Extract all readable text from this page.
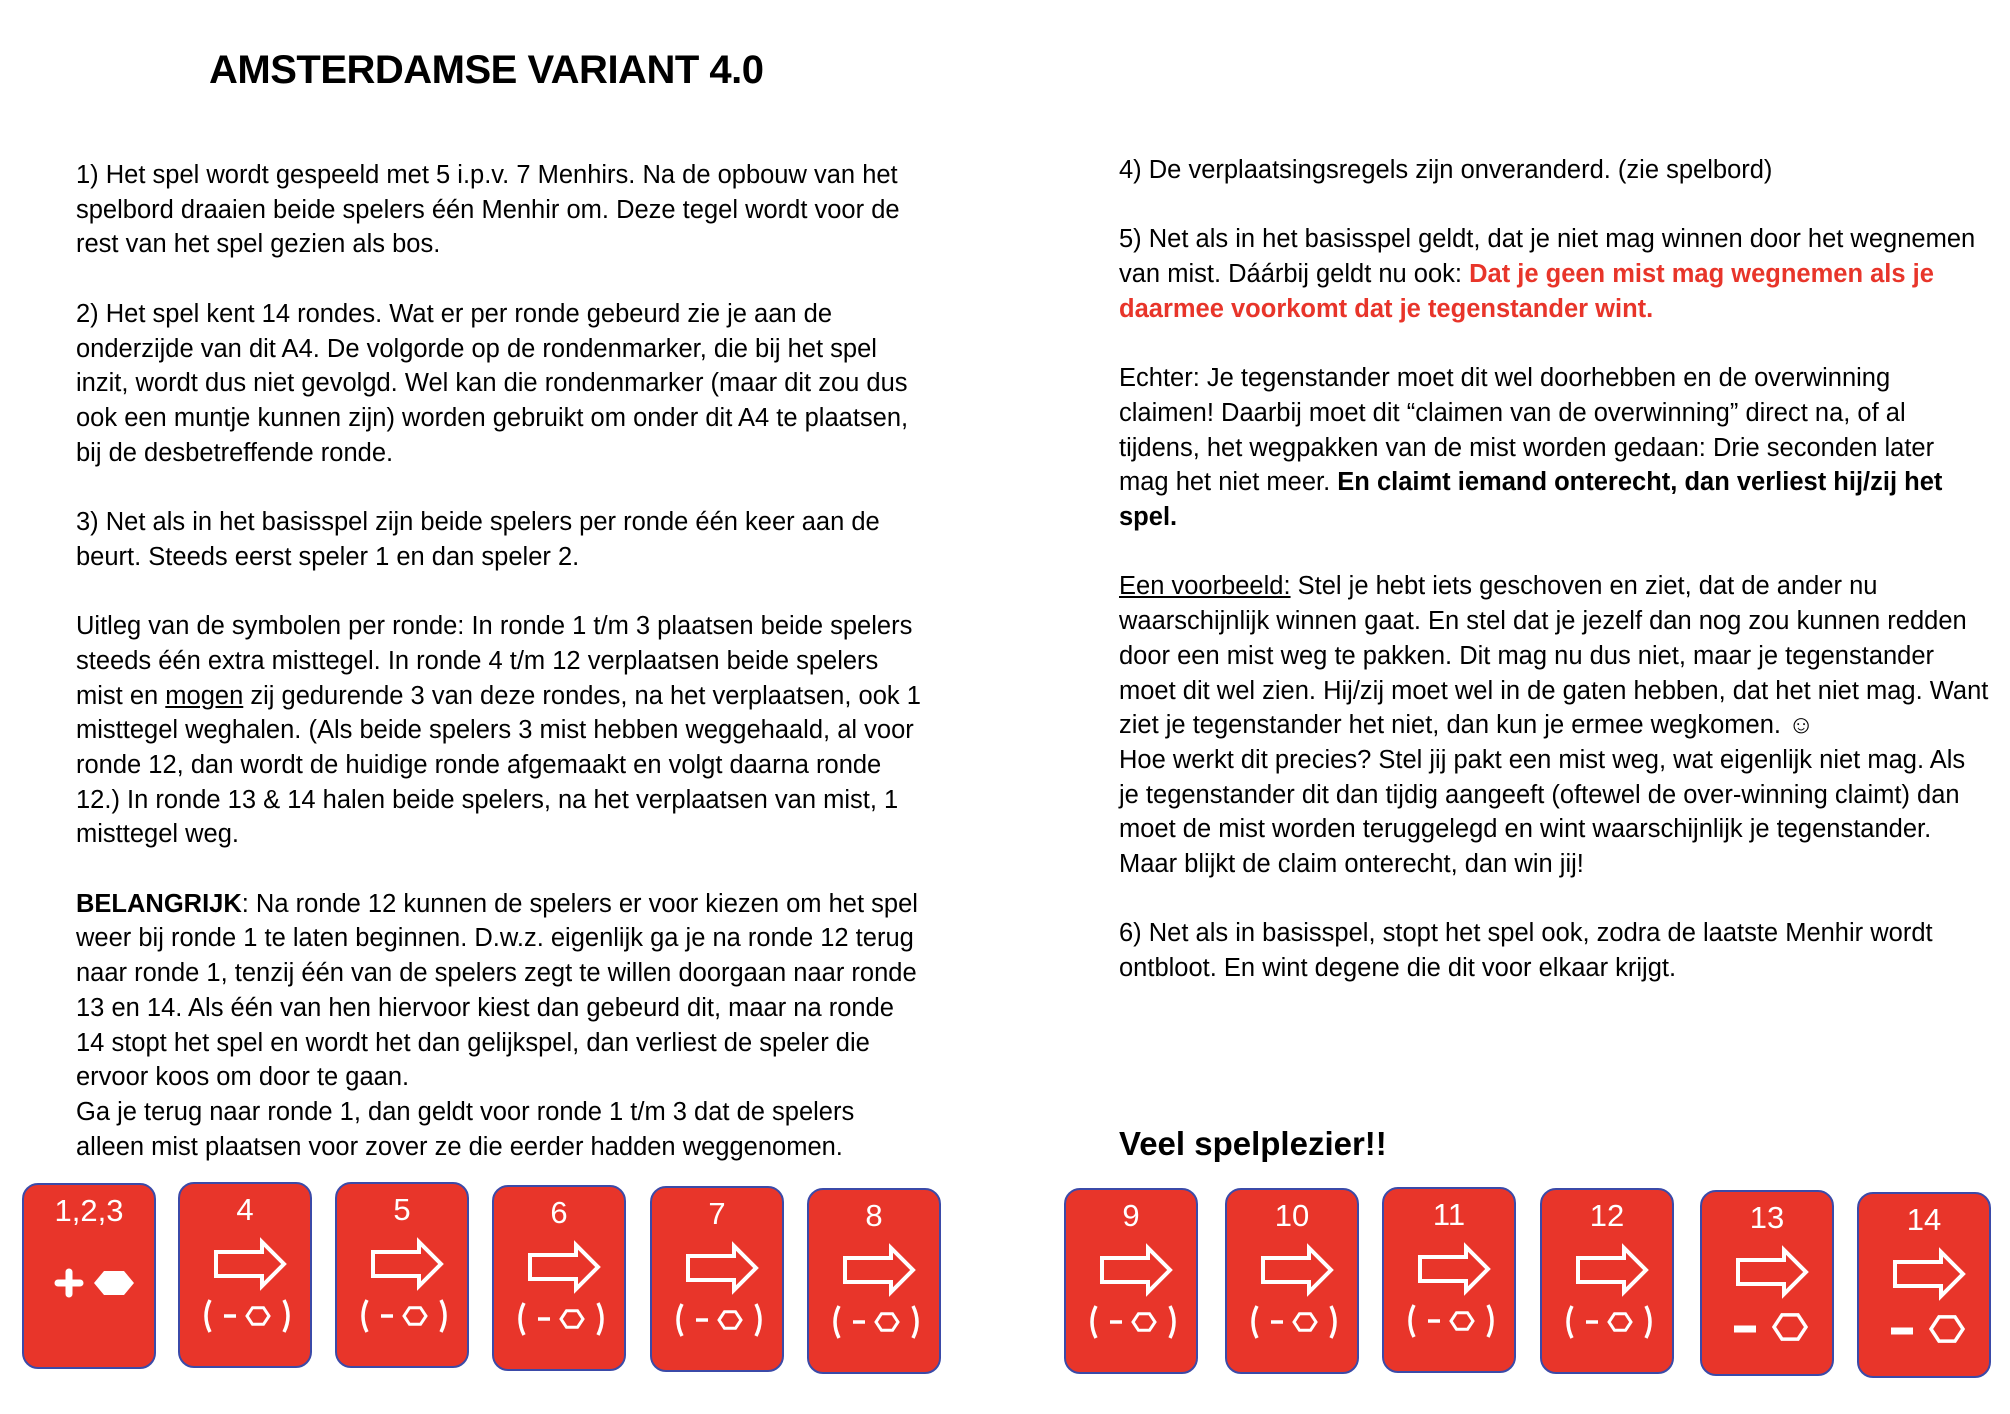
AMSTERDAMSE VARIANT 4.0

1) Het spel wordt gespeeld met 5 i.p.v. 7 Menhirs. Na de opbouw van het spelbord draaien beide spelers één Menhir om. Deze tegel wordt voor de rest van het spel gezien als bos.

2) Het spel kent 14 rondes. Wat er per ronde gebeurd zie je aan de onderzijde van dit A4. De volgorde op de rondenmarker, die bij het spel inzit, wordt dus niet gevolgd. Wel kan die rondenmarker (maar dit zou dus ook een muntje kunnen zijn) worden gebruikt om onder dit A4 te plaatsen, bij de desbetreffende ronde.

3) Net als in het basisspel zijn beide spelers per ronde één keer aan de beurt. Steeds eerst speler 1 en dan speler 2.

Uitleg van de symbolen per ronde: In ronde 1 t/m 3 plaatsen beide spelers steeds één extra misttegel. In ronde 4 t/m 12 verplaatsen beide spelers mist en mogen zij gedurende 3 van deze rondes, na het verplaatsen, ook 1 misttegel weghalen. (Als beide spelers 3 mist hebben weggehaald, al voor ronde 12, dan wordt de huidige ronde afgemaakt en volgt daarna ronde 12.) In ronde 13 & 14 halen beide spelers, na het verplaatsen van mist, 1 misttegel weg.

BELANGRIJK: Na ronde 12 kunnen de spelers er voor kiezen om het spel weer bij ronde 1 te laten beginnen. D.w.z. eigenlijk ga je na ronde 12 terug naar ronde 1, tenzij één van de spelers zegt te willen doorgaan naar ronde 13 en 14. Als één van hen hiervoor kiest dan gebeurd dit, maar na ronde 14 stopt het spel en wordt het dan gelijkspel, dan verliest de speler die ervoor koos om door te gaan.
Ga je terug naar ronde 1, dan geldt voor ronde 1 t/m 3 dat de spelers alleen mist plaatsen voor zover ze die eerder hadden weggenomen.

4) De verplaatsingsregels zijn onveranderd. (zie spelbord)

5) Net als in het basisspel geldt, dat je niet mag winnen door het wegnemen van mist. Dáárbij geldt nu ook: Dat je geen mist mag wegnemen als je daarmee voorkomt dat je tegenstander wint.

Echter: Je tegenstander moet dit wel doorhebben en de overwinning claimen! Daarbij moet dit “claimen van de overwinning” direct na, of al tijdens, het wegpakken van de mist worden gedaan: Drie seconden later mag het niet meer. En claimt iemand onterecht, dan verliest hij/zij het spel.

Een voorbeeld: Stel je hebt iets geschoven en ziet, dat de ander nu waarschijnlijk winnen gaat. En stel dat je jezelf dan nog zou kunnen redden door een mist weg te pakken. Dit mag nu dus niet, maar je tegenstander moet dit wel zien. Hij/zij moet wel in de gaten hebben, dat het niet mag. Want ziet je tegenstander het niet, dan kun je ermee wegkomen. ☺
Hoe werkt dit precies? Stel jij pakt een mist weg, wat eigenlijk niet mag. Als je tegenstander dit dan tijdig aangeeft (oftewel de over-winning claimt) dan moet de mist worden teruggelegd en wint waarschijnlijk je tegenstander. Maar blijkt de claim onterecht, dan win jij!

6) Net als in basisspel, stopt het spel ook, zodra de laatste Menhir wordt ontbloot. En wint degene die dit voor elkaar krijgt.

Veel spelplezier!!
1,2,3	4	5	6	7	8	9	10	11	12	13	14
